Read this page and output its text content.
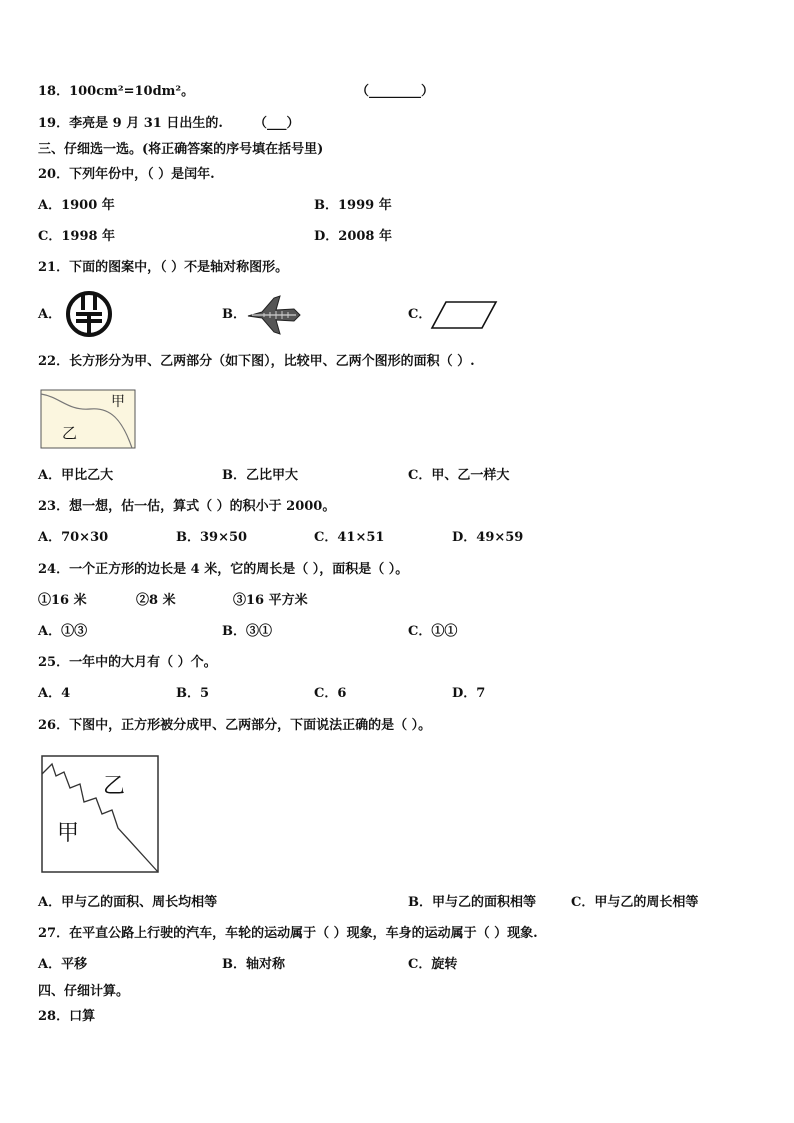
18．100cm²=10dm²。	（________）
19．李亮是 9 月 31 日出生的. （___）
三、仔细选一选。(将正确答案的序号填在括号里)
20．下列年份中，（ ）是闰年.
A．1900 年	B．1999 年
C．1998 年	D．2008 年
21．下面的图案中，（ ）不是轴对称图形。
A．	B．	C．
22．长方形分为甲、乙两部分（如下图），比较甲、乙两个图形的面积（ ）.
甲
乙
A．甲比乙大	B．乙比甲大	C．甲、乙一样大
23．想一想，估一估，算式（ ）的积小于 2000。
A．70×30	B．39×50	C．41×51	D．49×59
24．一个正方形的边长是 4 米，它的周长是（ ），面积是（ ）。
①16 米	②8 米	③16 平方米
A．①③	B．③①	C．①①
25．一年中的大月有（ ）个。
A．4	B．5	C．6	D．7
26．下图中，正方形被分成甲、乙两部分，下面说法正确的是（ ）。
乙
甲
A．甲与乙的面积、周长均相等	B．甲与乙的面积相等	C．甲与乙的周长相等
27．在平直公路上行驶的汽车，车轮的运动属于（ ）现象，车身的运动属于（ ）现象.
A．平移	B．轴对称	C．旋转
四、仔细计算。
28．口算
